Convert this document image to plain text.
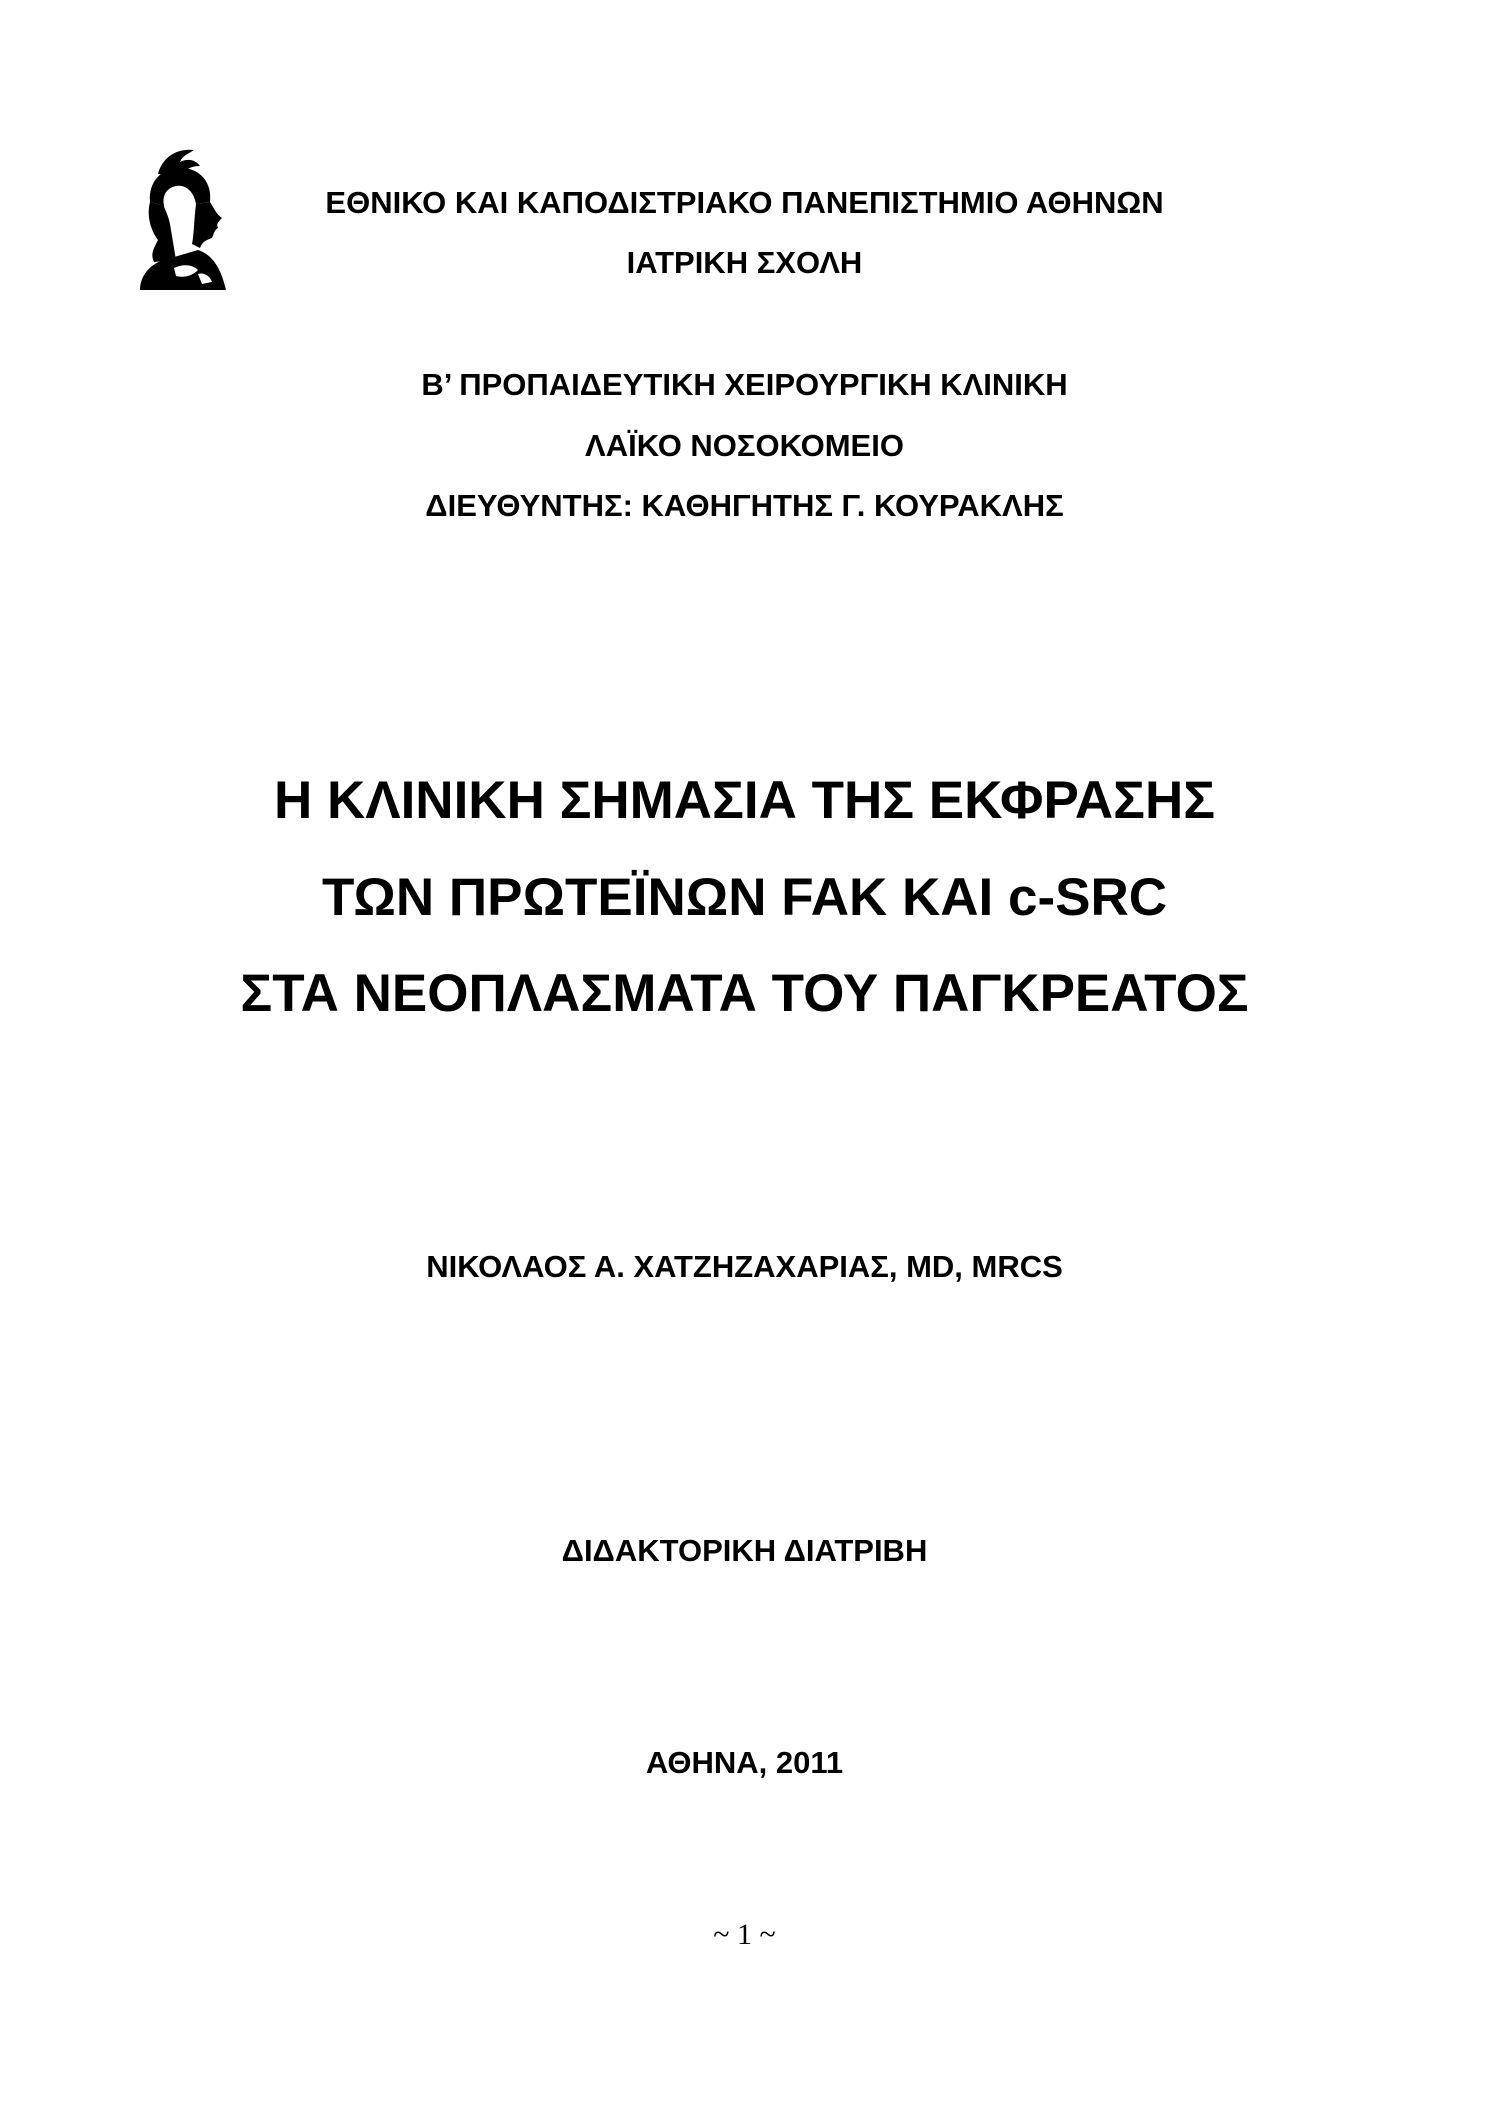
ΕΘΝΙΚΟ ΚΑΙ ΚΑΠΟΔΙΣΤΡΙΑΚΟ ΠΑΝΕΠΙΣΤΗΜΙΟ ΑΘΗΝΩΝ
ΙΑΤΡΙΚΗ ΣΧΟΛΗ
Β’ ΠΡΟΠΑΙΔΕΥΤΙΚΗ ΧΕΙΡΟΥΡΓΙΚΗ ΚΛΙΝΙΚΗ
ΛΑΪΚΟ ΝΟΣΟΚΟΜΕΙΟ
ΔΙΕΥΘΥΝΤΗΣ: ΚΑΘΗΓΗΤΗΣ Γ. ΚΟΥΡΑΚΛΗΣ
Η ΚΛΙΝΙΚΗ ΣΗΜΑΣΙΑ ΤΗΣ ΕΚΦΡΑΣΗΣ
ΤΩΝ ΠΡΩΤΕΪΝΩΝ FAK ΚΑΙ c-SRC
ΣΤΑ ΝΕΟΠΛΑΣΜΑΤΑ ΤΟΥ ΠΑΓΚΡΕΑΤΟΣ
ΝΙΚΟΛΑΟΣ Α. ΧΑΤΖΗΖΑΧΑΡΙΑΣ, MD, MRCS
ΔΙΔΑΚΤΟΡΙΚΗ ΔΙΑΤΡΙΒΗ
ΑΘΗΝΑ, 2011
~ 1 ~
